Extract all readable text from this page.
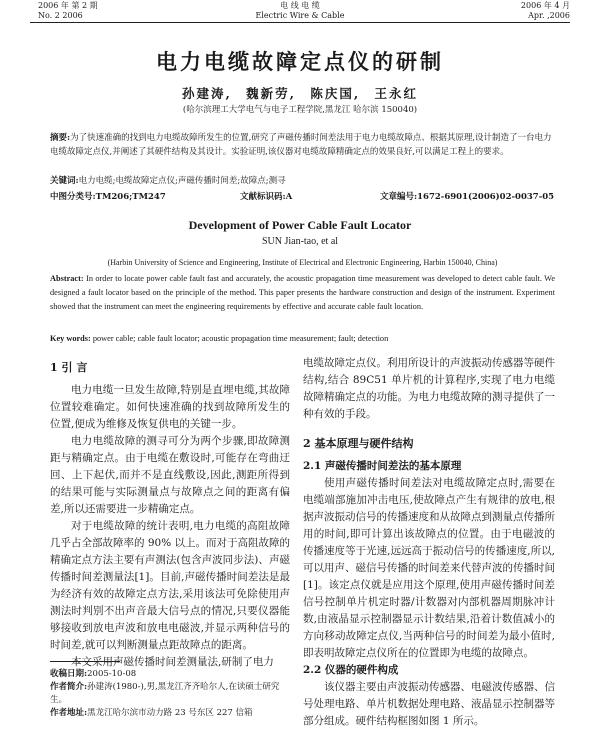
2006 年 第 2 期
No. 2 2006
电 线 电 缆
Electric Wire & Cable
2006 年 4 月
Apr. ,2006
电力电缆故障定点仪的研制
孙建涛, 魏新劳, 陈庆国, 王永红
(哈尔滨理工大学电气与电子工程学院,黑龙江 哈尔滨 150040)
摘要:为了快速准确的找到电力电缆故障所发生的位置,研究了声磁传播时间差法用于电力电缆故障点、根据其原理,设计制造了一台电力电缆故障定点仪,并阐述了其硬件结构及其设计。实验证明,该仪器对电缆故障精确定点的效果良好,可以满足工程上的要求。
关键词:电力电缆;电缆故障定点仪;声磁传播时间差;故障点;测寻
中图分类号:TM206;TM247	文献标识码:A	文章编号:1672-6901(2006)02-0037-05
Development of Power Cable Fault Locator
SUN Jian-tao, et al
(Harbin University of Science and Engineering, Institute of Electrical and Electronic Engineering, Harbin 150040, China)
Abstract: In order to locate power cable fault fast and accurately, the acoustic propagation time measurement was developed to detect cable fault. We designed a fault locator based on the principle of the method. This paper presents the hardware construction and design of the instrument. Experiment showed that the instrument can meet the engineering requirements by effective and accurate cable fault location.
Key words: power cable; cable fault locator; acoustic propagation time measurement; fault; detection
1 引 言

电力电缆一旦发生故障,特别是直埋电缆,其故障位置较难确定。如何快速准确的找到故障所发生的位置,便成为维修及恢复供电的关键一步。

电力电缆故障的测寻可分为两个步骤,即故障测距与精确定点。由于电缆在敷设时,可能存在弯曲迂回、上下起伏,而并不是直线敷设,因此,测距所得到的结果可能与实际测量点与故障点之间的距离有偏差,所以还需要进一步精确定点。

对于电缆故障的统计表明,电力电缆的高阻故障几乎占全部故障率的 90% 以上。而对于高阻故障的精确定点方法主要有声测法(包含声波同步法)、声磁传播时间差测量法[1]。目前,声磁传播时间差法是最为经济有效的故障定点方法,采用该法可免除使用声测法时判别不出声音最大信号点的情况,只要仪器能够接收到放电声波和放电电磁波,并显示两种信号的时间差,就可以判断测量点距故障点的距离。

本文采用声磁传播时间差测量法,研制了电力

电缆故障定点仪。利用所设计的声波振动传感器等硬件结构,结合 89C51 单片机的计算程序,实现了电力电缆故障精确定点的功能。为电力电缆故障的测寻提供了一种有效的手段。

2 基本原理与硬件结构
2.1 声磁传播时间差法的基本原理

使用声磁传播时间差法对电缆故障定点时,需要在电缆端部施加冲击电压,使故障点产生有规律的放电,根据声波振动信号的传播速度和从故障点到测量点传播所用的时间,即可计算出该故障点的位置。由于电磁波的传播速度等于光速,远远高于振动信号的传播速度,所以,可以用声、磁信号传播的时间差来代替声波的传播时间[1]。该定点仪就是应用这个原理,使用声磁传播时间差信号控制单片机定时器/计数器对内部机器周期脉冲计数,由液晶显示控制器显示计数结果,沿着计数值减小的方向移动故障定点仪,当两种信号的时间差为最小值时,即表明故障定点仪所在的位置即为电缆的故障点。

2.2 仪器的硬件构成

该仪器主要由声波振动传感器、电磁波传感器、信号处理电路、单片机数据处理电路、液晶显示控制器等部分组成。硬件结构框图如图 1 所示。

收稿日期:2005-10-08
作者简介:孙建涛(1980-),男,黑龙江齐齐哈尔人,在读硕士研究生。
作者地址:黑龙江哈尔滨市动力路 23 号东区 227 信箱
